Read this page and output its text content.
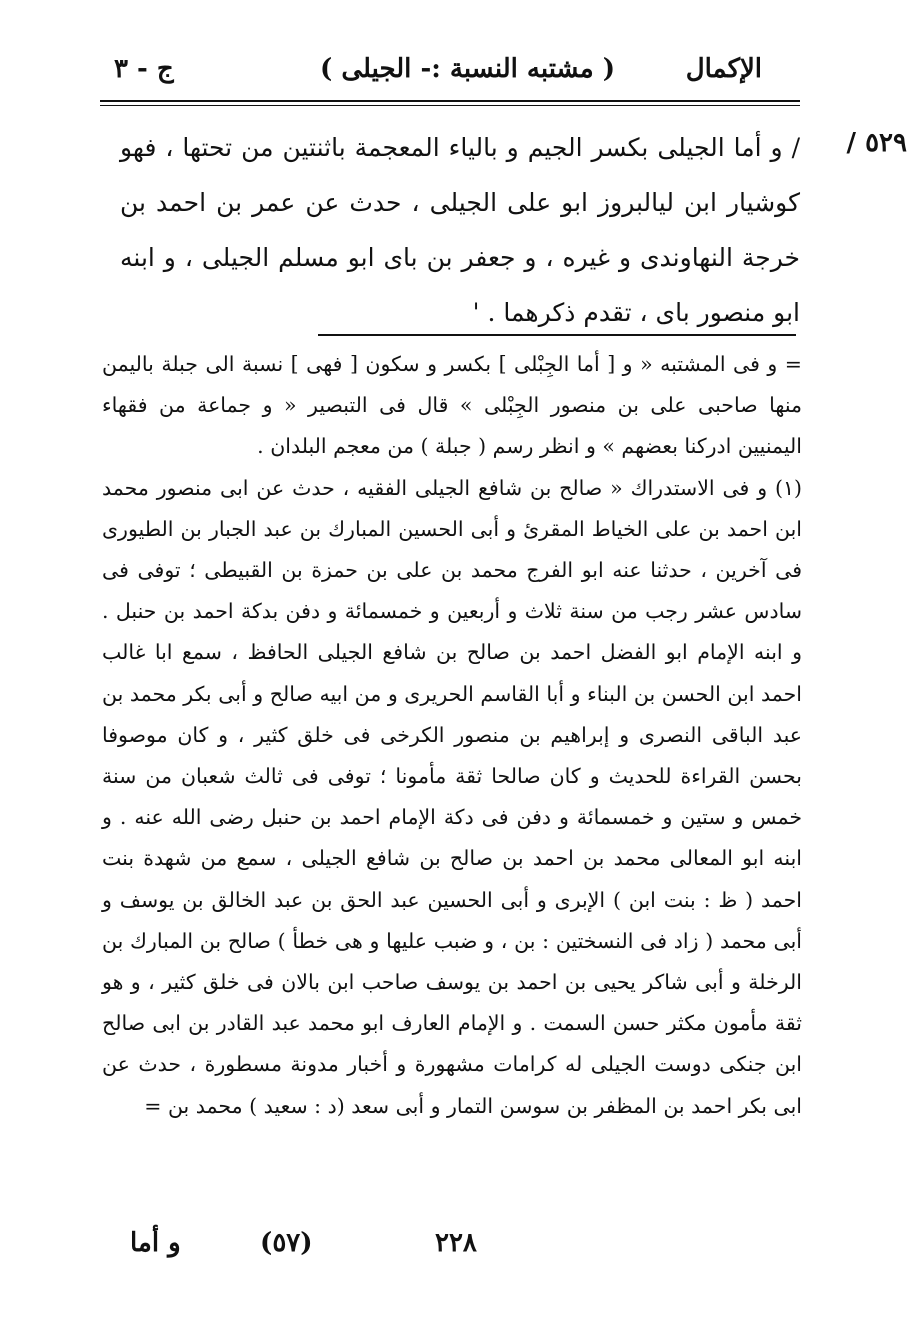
الإكمال
( مشتبه النسبة :- الجيلى )
ج - ٣
٥٢٩ /
/ و أما الجيلى بكسر الجيم و بالياء المعجمة باثنتين من تحتها ، فهو كوشيار ابن ليالبروز ابو على الجيلى ، حدث عن عمر بن احمد بن خرجة النهاوندى و غيره ، و جعفر بن باى ابو مسلم الجيلى ، و ابنه ابو منصور باى ، تقدم ذكرهما . '

= و فى المشتبه « و [ أما الجِبْلى ] بكسر و سكون [ فهى ] نسبة الى جبلة باليمن منها صاحبى على بن منصور الجِبْلى » قال فى التبصير « و جماعة من فقهاء اليمنيين ادركنا بعضهم » و انظر رسم ( جبلة ) من معجم البلدان .

(١) و فى الاستدراك « صالح بن شافع الجيلى الفقيه ، حدث عن ابى منصور محمد ابن احمد بن على الخياط المقرئ و أبى الحسين المبارك بن عبد الجبار بن الطيورى فى آخرين ، حدثنا عنه ابو الفرج محمد بن على بن حمزة بن القبيطى ؛ توفى فى سادس عشر رجب من سنة ثلاث و أربعين و خمسمائة و دفن بدكة احمد بن حنبل . و ابنه الإمام ابو الفضل احمد بن صالح بن شافع الجيلى الحافظ ، سمع ابا غالب احمد ابن الحسن بن البناء و أبا القاسم الحريرى و من ابيه صالح و أبى بكر محمد بن عبد الباقى النصرى و إبراهيم بن منصور الكرخى فى خلق كثير ، و كان موصوفا بحسن القراءة للحديث و كان صالحا ثقة مأمونا ؛ توفى فى ثالث شعبان من سنة خمس و ستين و خمسمائة و دفن فى دكة الإمام احمد بن حنبل رضى الله عنه . و ابنه ابو المعالى محمد بن احمد بن صالح بن شافع الجيلى ، سمع من شهدة بنت احمد ( ظ : بنت ابن ) الإبرى و أبى الحسين عبد الحق بن عبد الخالق بن يوسف و أبى محمد ( زاد فى النسختين : بن ، و ضبب عليها و هى خطأ ) صالح بن المبارك بن الرخلة و أبى شاكر يحيى بن احمد بن يوسف صاحب ابن بالان فى خلق كثير ، و هو ثقة مأمون مكثر حسن السمت . و الإمام العارف ابو محمد عبد القادر بن ابى صالح ابن جنكى دوست الجيلى له كرامات مشهورة و أخبار مدونة مسطورة ، حدث عن ابى بكر احمد بن المظفر بن سوسن التمار و أبى سعد (د : سعيد ) محمد بن =

و أما	(٥٧)	٢٢٨
